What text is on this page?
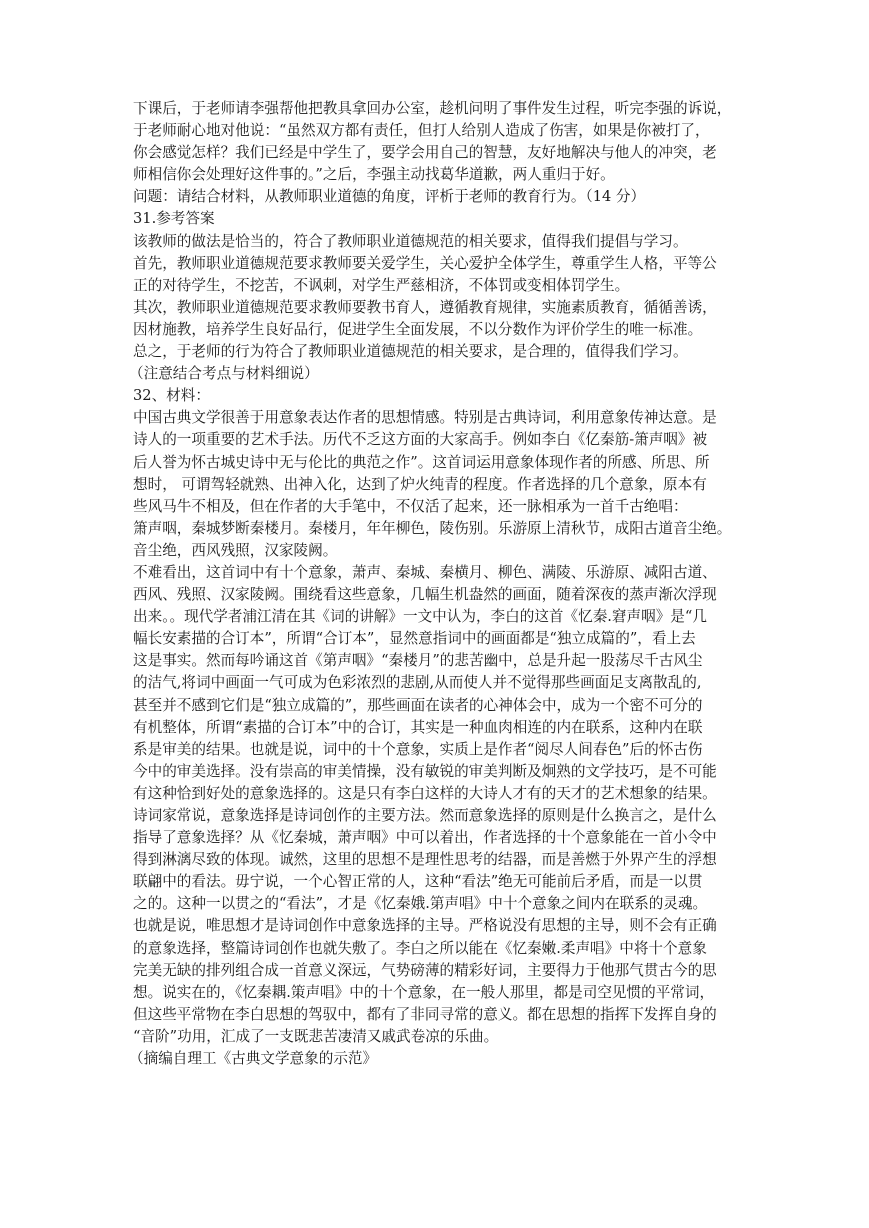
下课后，于老师请李强帮他把教具拿回办公室，趁机问明了事件发生过程，听完李强的诉说，
于老师耐心地对他说：“虽然双方都有责任，但打人给别人造成了伤害，如果是你被打了，
你会感觉怎样？我们已经是中学生了，要学会用自己的智慧，友好地解决与他人的冲突，老
师相信你会处理好这件事的。”之后，李强主动找葛华道歉，两人重归于好。
问题：请结合材料，从教师职业道德的角度，评析于老师的教育行为。（14 分）
31.参考答案
该教师的做法是恰当的，符合了教师职业道德规范的相关要求，值得我们提倡与学习。
首先，教师职业道德规范要求教师要关爱学生，关心爱护全体学生，尊重学生人格，平等公
正的对待学生，不挖苦，不讽刺，对学生严慈相济，不体罚或变相体罚学生。
其次，教师职业道德规范要求教师要教书育人，遵循教育规律，实施素质教育，循循善诱，
因材施教，培养学生良好品行，促进学生全面发展，不以分数作为评价学生的唯一标准。
总之，于老师的行为符合了教师职业道德规范的相关要求，是合理的，值得我们学习。
（注意结合考点与材料细说）
32、材料：
中国古典文学很善于用意象表达作者的思想情感。特别是古典诗词，利用意象传神达意。是
诗人的一项重要的艺术手法。历代不乏这方面的大家高手。例如李白《亿秦筋-箫声咽》被
后人誉为怀古城史诗中无与伦比的典范之作”。这首词运用意象体现作者的所感、所思、所
想时， 可谓驾轻就熟、出神入化，达到了炉火纯青的程度。作者选择的几个意象，原本有
些风马牛不相及，但在作者的大手笔中，不仅活了起来，还一脉相承为一首千古绝唱：
箫声咽，秦城梦断秦楼月。秦楼月，年年柳色，陵伤别。乐游原上清秋节，成阳古道音尘绝。
音尘绝，西风残照，汉家陵阙。
不难看出，这首词中有十个意象，萧声、秦城、秦横月、柳色、满陵、乐游原、减阳古道、
西风、残照、汉家陵阙。围绕看这些意象，几幅生机盎然的画面，随着深夜的蒸声渐次浮现
出来。。现代学者浦江清在其《词的讲解》一文中认为，李白的这首《忆秦.窘声咽》是“几
幅长安素描的合订本”，所谓“合订本”，显然意指词中的画面都是“独立成篇的”，看上去
这是事实。然而每吟诵这首《第声咽》“秦楼月”的悲苦幽中，总是升起一股荡尽千古风尘
的洁气,将词中画面一气可成为色彩浓烈的悲剧,从而使人并不觉得那些画面足支离散乱的,
甚至并不感到它们是“独立成篇的”，那些画面在读者的心神体会中，成为一个密不可分的
有机整体，所谓“素描的合订本”中的合订，其实是一种血肉相连的内在联系，这种内在联
系是审美的结果。也就是说，词中的十个意象，实质上是作者“阅尽人间春色”后的怀古伤
今中的审美选择。没有崇高的审美情操，没有敏锐的审美判断及炯熟的文学技巧，是不可能
有这种恰到好处的意象选择的。这是只有李白这样的大诗人才有的天才的艺术想象的结果。
诗词家常说，意象选择是诗词创作的主要方法。然而意象选择的原则是什么换言之，是什么
指导了意象选择？从《忆秦城，萧声咽》中可以着出，作者选择的十个意象能在一首小令中
得到淋漓尽致的体现。诚然，这里的思想不是理性思考的结器，而是善燃于外界产生的浮想
联翩中的看法。毋宁说，一个心智正常的人，这种“看法”绝无可能前后矛盾，而是一以贯
之的。这种一以贯之的“看法”，才是《忆秦娥.第声唱》中十个意象之间内在联系的灵魂。
也就是说，唯思想才是诗词创作中意象选择的主导。严格说没有思想的主导，则不会有正确
的意象选择，整篇诗词创作也就失敷了。李白之所以能在《忆秦嫩.柔声唱》中将十个意象
完美无缺的排列组合成一首意义深远，气势磅薄的精彩好词，主要得力于他那气贯古今的思
想。说实在的，《忆秦耦.策声唱》中的十个意象，在一般人那里，都是司空见惯的平常词，
但这些平常物在李白思想的驾驭中，都有了非同寻常的意义。都在思想的指挥下发挥自身的
“音阶”功用，汇成了一支既悲苦凄清又戚武卷凉的乐曲。
（摘编自理工《古典文学意象的示范》
